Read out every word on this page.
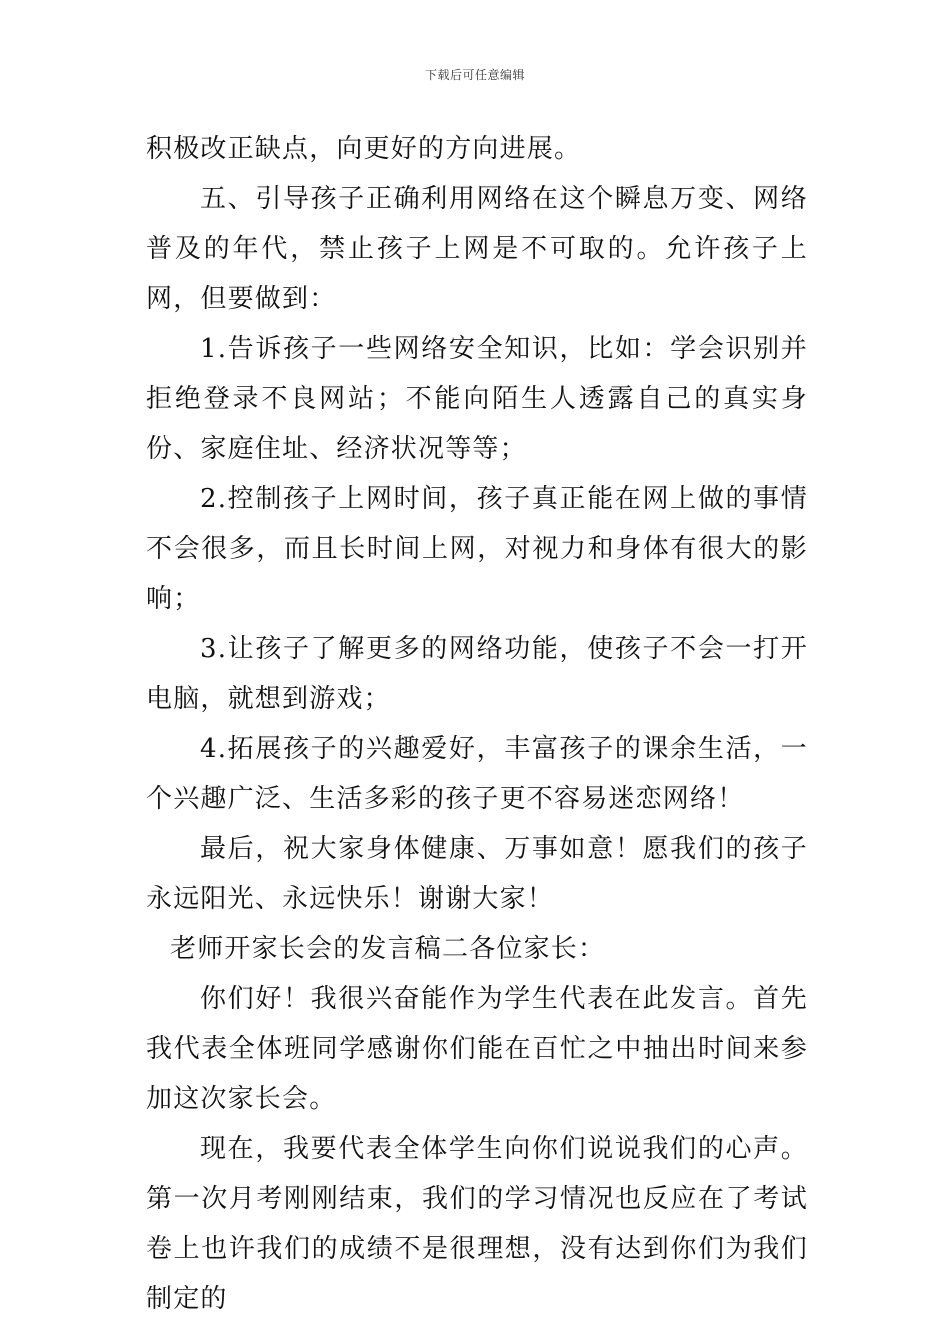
下载后可任意编辑

积极改正缺点，向更好的方向进展。

五、引导孩子正确利用网络在这个瞬息万变、网络普及的年代，禁止孩子上网是不可取的。允许孩子上网，但要做到：

1.告诉孩子一些网络安全知识，比如：学会识别并拒绝登录不良网站；不能向陌生人透露自己的真实身份、家庭住址、经济状况等等；

2.控制孩子上网时间，孩子真正能在网上做的事情不会很多，而且长时间上网，对视力和身体有很大的影响；

3.让孩子了解更多的网络功能，使孩子不会一打开电脑，就想到游戏；

4.拓展孩子的兴趣爱好，丰富孩子的课余生活，一个兴趣广泛、生活多彩的孩子更不容易迷恋网络！

最后，祝大家身体健康、万事如意！愿我们的孩子永远阳光、永远快乐！谢谢大家！

老师开家长会的发言稿二各位家长：

你们好！我很兴奋能作为学生代表在此发言。首先我代表全体班同学感谢你们能在百忙之中抽出时间来参加这次家长会。

现在，我要代表全体学生向你们说说我们的心声。第一次月考刚刚结束，我们的学习情况也反应在了考试卷上也许我们的成绩不是很理想，没有达到你们为我们制定的
